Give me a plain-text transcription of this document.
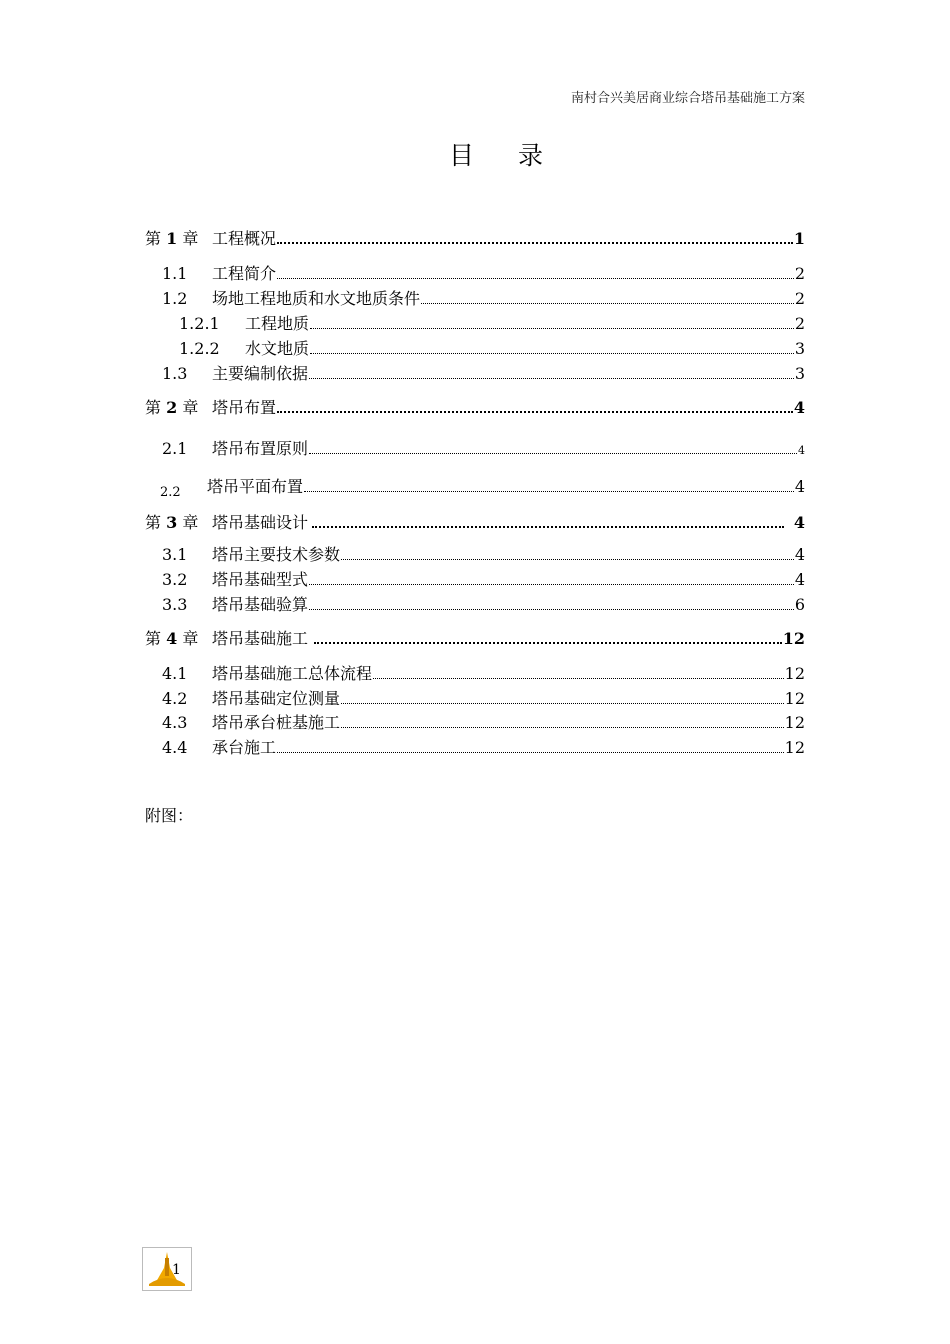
南村合兴美居商业综合塔吊基础施工方案
目 录
第 1 章 工程概况	1
1.1	工程简介	2
1.2	场地工程地质和水文地质条件	2
1.2.1	工程地质	2
1.2.2	水文地质	3
1.3	主要编制依据	3
第 2 章 塔吊布置	4
2.1	塔吊布置原则	4
2.2	塔吊平面布置	4
第 3 章 塔吊基础设计	4
3.1	塔吊主要技术参数	4
3.2	塔吊基础型式	4
3.3	塔吊基础验算	6
第 4 章 塔吊基础施工	12
4.1	塔吊基础施工总体流程	12
4.2	塔吊基础定位测量	12
4.3	塔吊承台桩基施工	12
4.4	承台施工	12
附图：
1
